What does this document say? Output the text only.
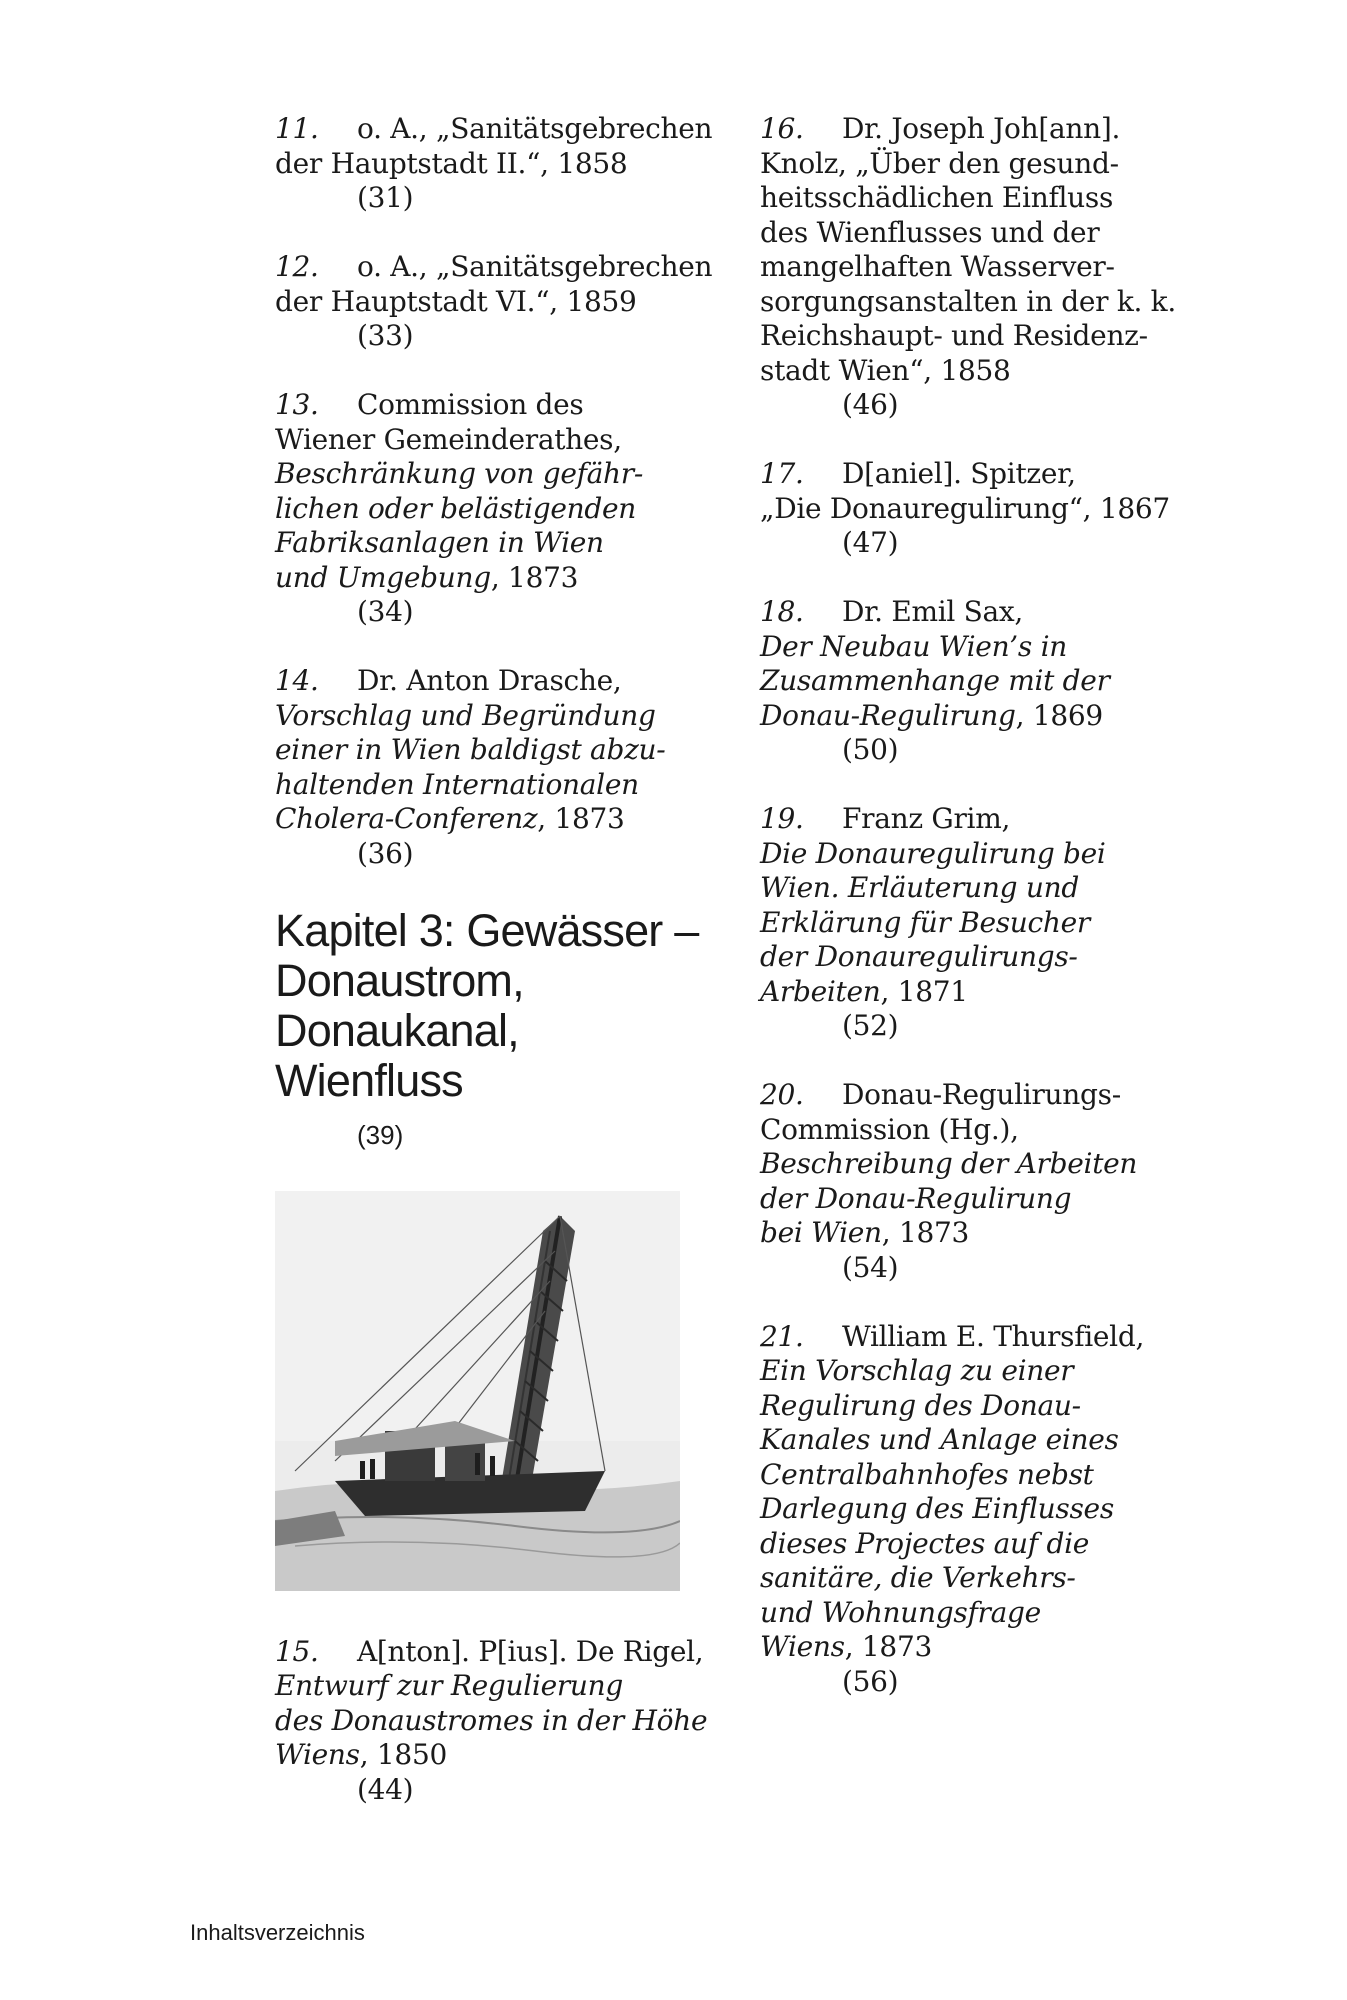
11. o. A., „Sanitätsgebrechen
der Hauptstadt II.“, 1858
(31)
12. o. A., „Sanitätsgebrechen
der Hauptstadt VI.“, 1859
(33)
13. Commission des
Wiener Gemeinderathes,
Beschränkung von gefähr-
lichen oder belästigenden
Fabriksanlagen in Wien
und Umgebung, 1873
(34)
14. Dr. Anton Drasche,
Vorschlag und Begründung
einer in Wien baldigst abzu-
haltenden Internationalen
Cholera-Conferenz, 1873
(36)
Kapitel 3: Gewässer –
Donaustrom,
Donaukanal,
Wienfluss
(39)
15. A[nton]. P[ius]. De Rigel,
Entwurf zur Regulierung
des Donaustromes in der Höhe
Wiens, 1850
(44)
16. Dr. Joseph Joh[ann].
Knolz, „Über den gesund-
heitsschädlichen Einfluss
des Wienflusses und der
mangelhaften Wasserver-
sorgungsanstalten in der k. k.
Reichshaupt- und Residenz-
stadt Wien“, 1858
(46)
17. D[aniel]. Spitzer,
„Die Donauregulirung“, 1867
(47)
18. Dr. Emil Sax,
Der Neubau Wien’s in
Zusammenhange mit der
Donau-Regulirung, 1869
(50)
19. Franz Grim,
Die Donauregulirung bei
Wien. Erläuterung und
Erklärung für Besucher
der Donauregulirungs-
Arbeiten, 1871
(52)
20. Donau-Regulirungs-
Commission (Hg.),
Beschreibung der Arbeiten
der Donau-Regulirung
bei Wien, 1873
(54)
21. William E. Thursfield,
Ein Vorschlag zu einer
Regulirung des Donau-
Kanales und Anlage eines
Centralbahnhofes nebst
Darlegung des Einflusses
dieses Projectes auf die
sanitäre, die Verkehrs-
und Wohnungsfrage
Wiens, 1873
(56)
Inhaltsverzeichnis
